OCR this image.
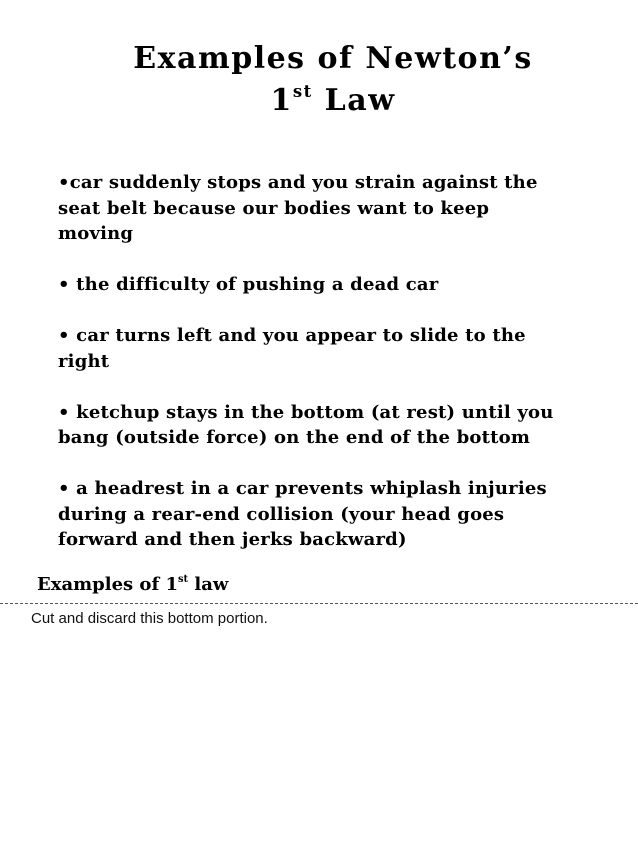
Examples of Newton’s
1st Law
•car suddenly stops and you strain against the
seat belt because our bodies want to keep
moving
• the difficulty of pushing a dead car
• car turns left and you appear to slide to the
right
• ketchup stays in the bottom (at rest) until you
bang (outside force) on the end of the bottom
• a headrest in a car prevents whiplash injuries
during a rear-end collision (your head goes
forward and then jerks backward)
Examples of 1st law
Cut and discard this bottom portion.
